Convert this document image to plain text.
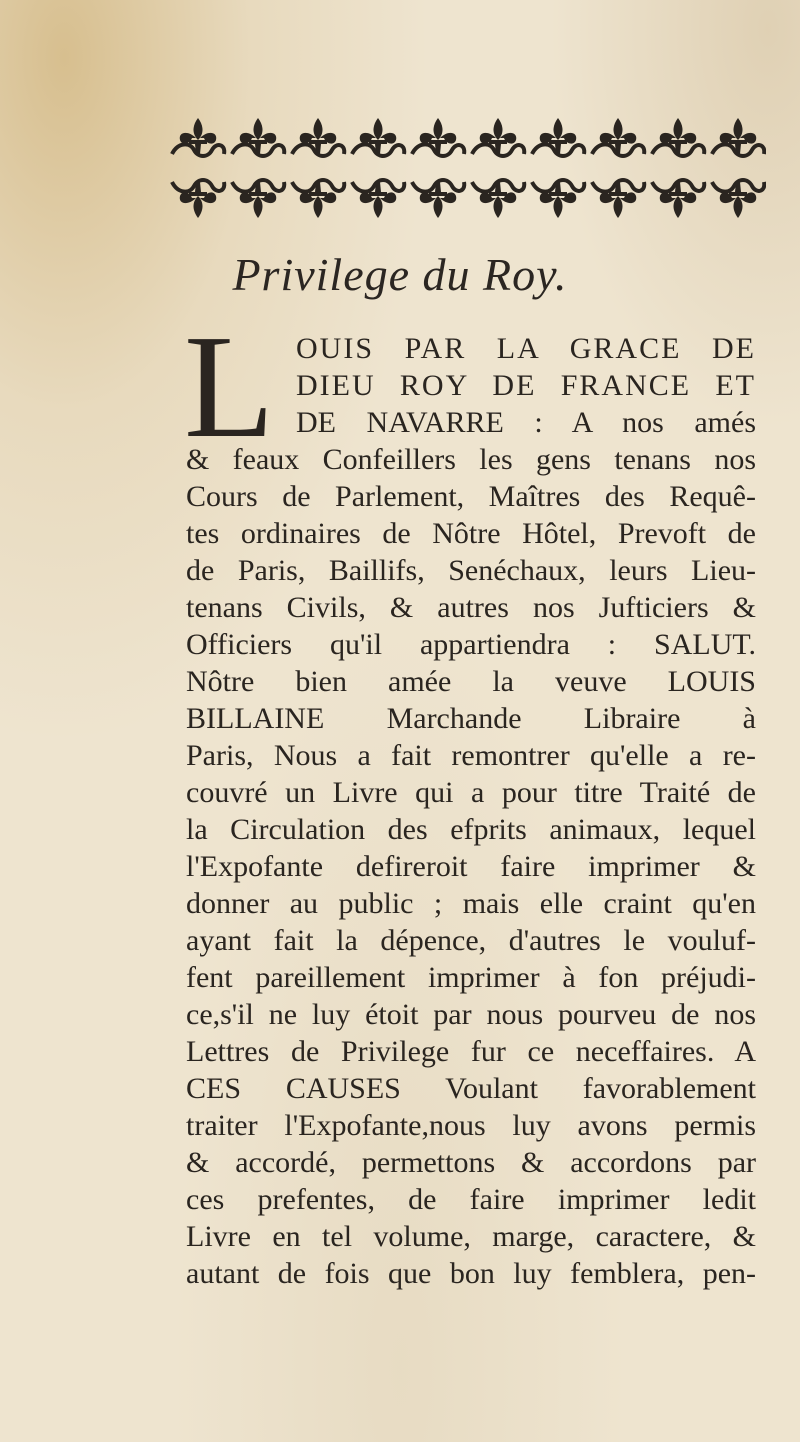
Privilege du Roy.
L OUIS PAR LA GRACE DE
DIEU ROY DE FRANCE ET
DE NAVARRE : A nos amés
& feaux Confeillers les gens tenans nos
Cours de Parlement, Maîtres des Requê-
tes ordinaires de Nôtre Hôtel, Prevoft de
de Paris, Baillifs, Senéchaux, leurs Lieu-
tenans Civils, & autres nos Jufticiers &
Officiers qu'il appartiendra : SALUT.
Nôtre bien amée la veuve LOUIS
BILLAINE Marchande Libraire à
Paris, Nous a fait remontrer qu'elle a re-
couvré un Livre qui a pour titre Traité de
la Circulation des efprits animaux, lequel
l'Expofante defireroit faire imprimer &
donner au public ; mais elle craint qu'en
ayant fait la dépence, d'autres le vouluf-
fent pareillement imprimer à fon préjudi-
ce,s'il ne luy étoit par nous pourveu de nos
Lettres de Privilege fur ce neceffaires. A
CES CAUSES Voulant favorablement
traiter l'Expofante,nous luy avons permis
& accordé, permettons & accordons par
ces prefentes, de faire imprimer ledit
Livre en tel volume, marge, caractere, &
autant de fois que bon luy femblera, pen-
